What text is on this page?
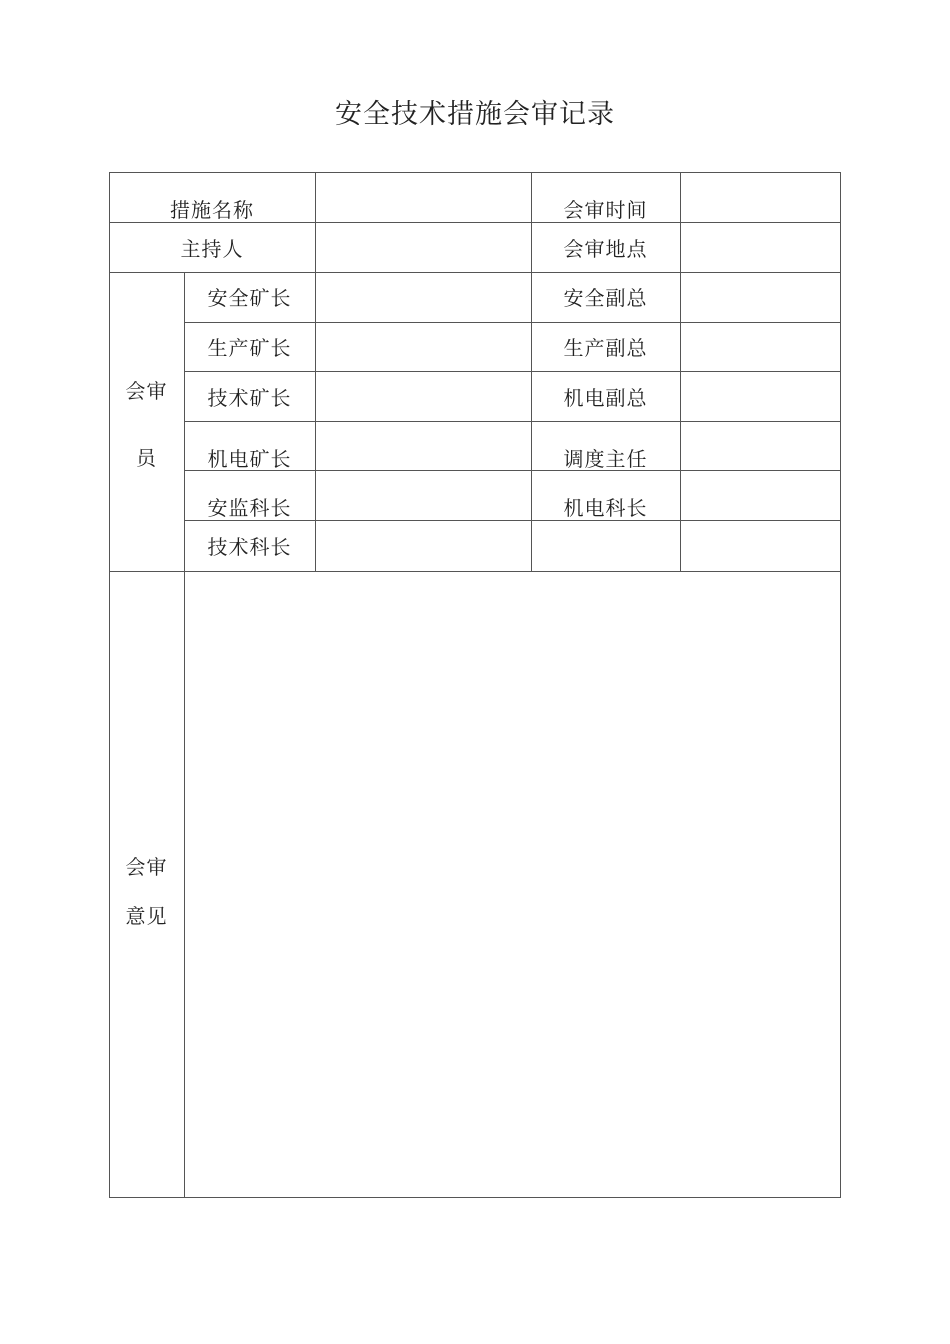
安全技术措施会审记录
措施名称	会审时间
主持人	会审地点
会审
员
安全矿长
生产矿长
技术矿长
机电矿长
安监科长
技术科长
安全副总
生产副总
机电副总
调度主任
机电科长
会审
意见
